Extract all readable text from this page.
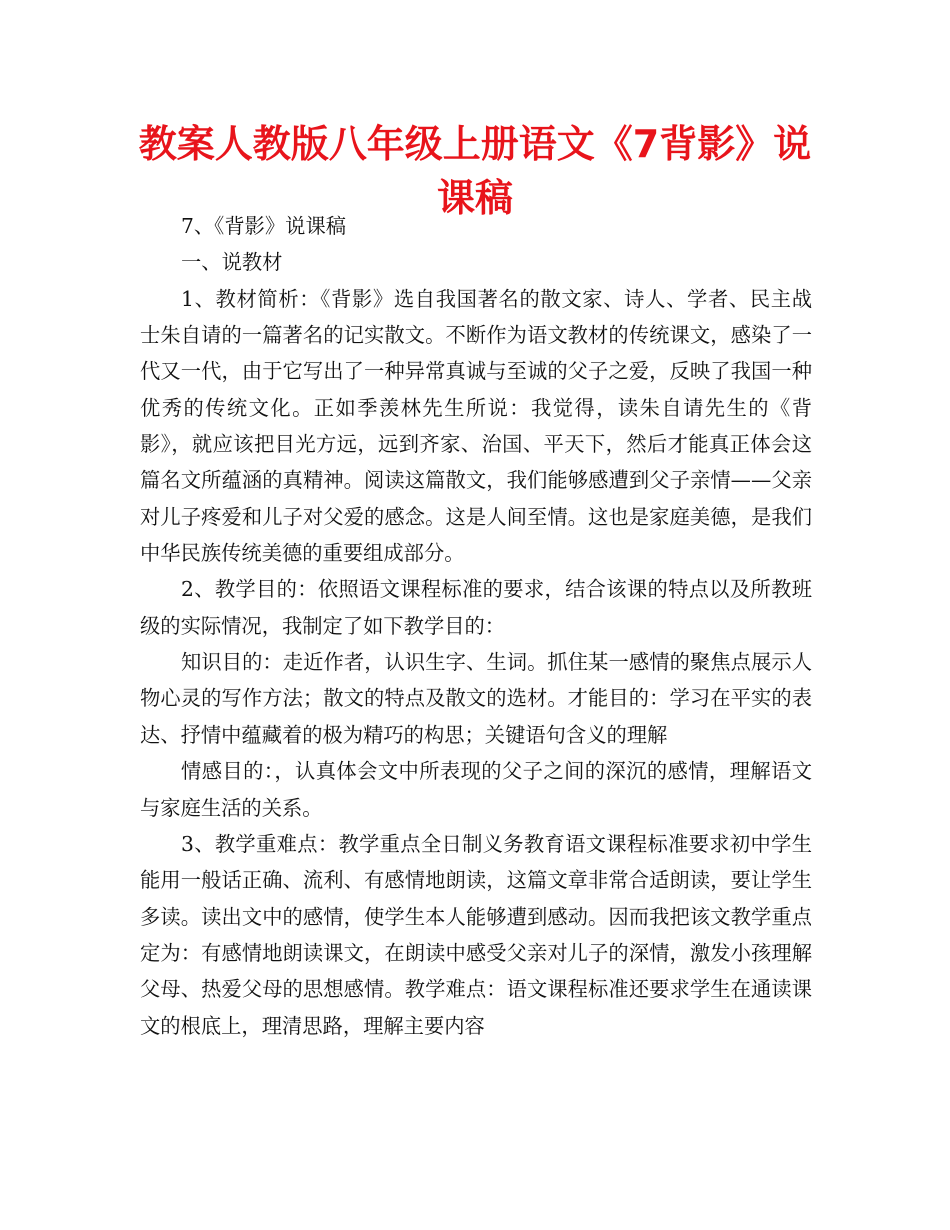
教案人教版八年级上册语文《7背影》说课稿

7、《背影》说课稿

一、说教材

1、教材简析：《背影》选自我国著名的散文家、诗人、学者、民主战士朱自请的一篇著名的记实散文。不断作为语文教材的传统课文，感染了一代又一代，由于它写出了一种异常真诚与至诚的父子之爱，反映了我国一种优秀的传统文化。正如季羡林先生所说：我觉得，读朱自请先生的《背影》，就应该把目光方远，远到齐家、治国、平天下，然后才能真正体会这篇名文所蕴涵的真精神。阅读这篇散文，我们能够感遭到父子亲情——父亲对儿子疼爱和儿子对父爱的感念。这是人间至情。这也是家庭美德，是我们中华民族传统美德的重要组成部分。

2、教学目的：依照语文课程标准的要求，结合该课的特点以及所教班级的实际情况，我制定了如下教学目的：

知识目的：走近作者，认识生字、生词。抓住某一感情的聚焦点展示人物心灵的写作方法；散文的特点及散文的选材。才能目的：学习在平实的表达、抒情中蕴藏着的极为精巧的构思；关键语句含义的理解

情感目的：，认真体会文中所表现的父子之间的深沉的感情，理解语文与家庭生活的关系。

3、教学重难点：教学重点全日制义务教育语文课程标准要求初中学生能用一般话正确、流利、有感情地朗读，这篇文章非常合适朗读，要让学生多读。读出文中的感情，使学生本人能够遭到感动。因而我把该文教学重点定为：有感情地朗读课文，在朗读中感受父亲对儿子的深情，激发小孩理解父母、热爱父母的思想感情。教学难点：语文课程标准还要求学生在通读课文的根底上，理清思路，理解主要内容
